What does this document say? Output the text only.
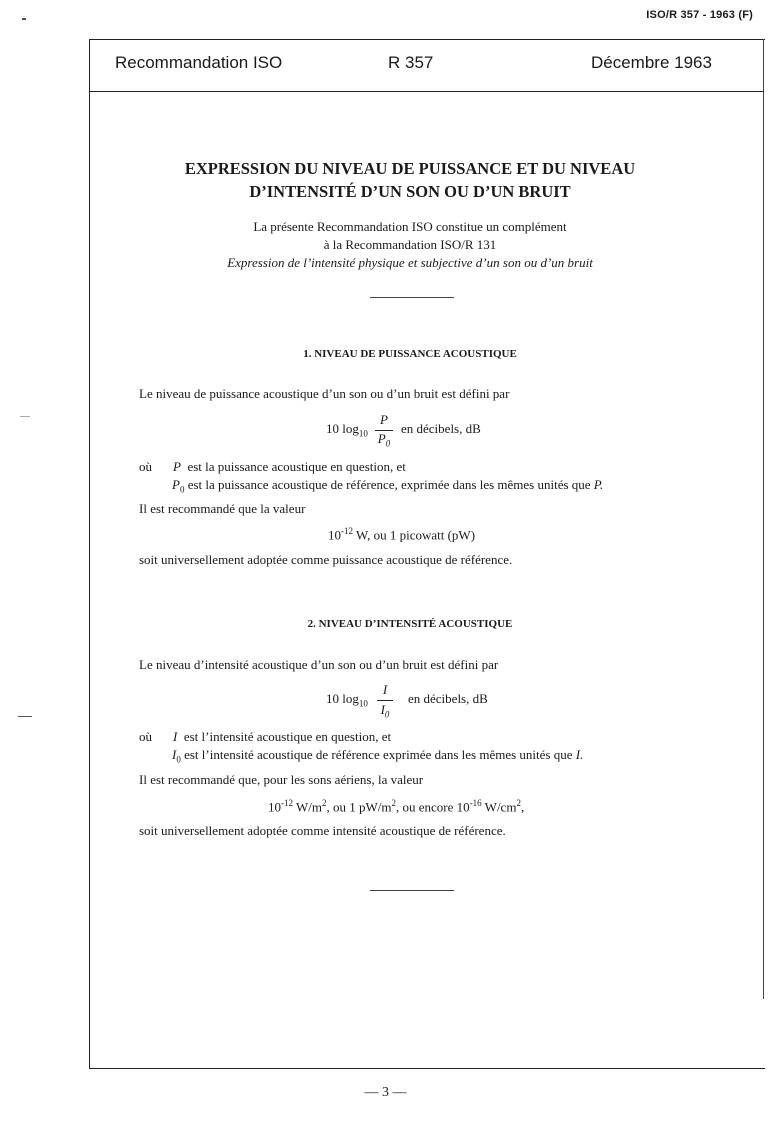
ISO/R 357 - 1963 (F)
Recommandation ISO	R 357	Décembre 1963
EXPRESSION DU NIVEAU DE PUISSANCE ET DU NIVEAU
D’INTENSITÉ D’UN SON OU D’UN BRUIT
La présente Recommandation ISO constitue un complément
à la Recommandation ISO/R 131
Expression de l’intensité physique et subjective d’un son ou d’un bruit
1. NIVEAU DE PUISSANCE ACOUSTIQUE
Le niveau de puissance acoustique d’un son ou d’un bruit est défini par
10 $\log_{10}$
P
$P_0$
en décibels, dB
où P est la puissance acoustique en question, et
$P_0$ est la puissance acoustique de référence, exprimée dans les mêmes unités que P.
Il est recommandé que la valeur
$10^{-12}$ W, ou 1 picowatt (pW)
soit universellement adoptée comme puissance acoustique de référence.
2. NIVEAU D’INTENSITÉ ACOUSTIQUE
Le niveau d’intensité acoustique d’un son ou d’un bruit est défini par
10 $\log_{10}$
I
$I_0$
en décibels, dB
où I est l’intensité acoustique en question, et
$I_0$ est l’intensité acoustique de référence exprimée dans les mêmes unités que I.
Il est recommandé que, pour les sons aériens, la valeur
$10^{-12}$ $W/m^2$, ou 1 $pW/m^2$, ou encore $10^{-16}$ $W/cm^2$,
soit universellement adoptée comme intensité acoustique de référence.
— 3 —
